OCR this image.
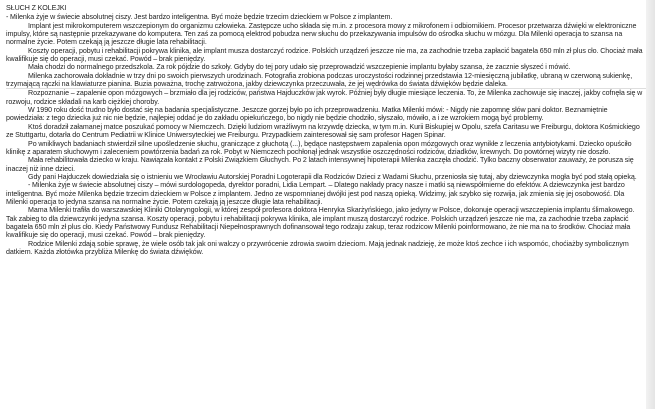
SŁUCH Z KOLEJKI

- Milenka żyje w świecie absolutnej ciszy. Jest bardzo inteligentna. Być może będzie trzecim dzieckiem w Polsce z implantem.

Implant jest mikrokomputerem wszczepionym do organizmu człowieka. Zastępcze ucho składa się m.in. z procesora mowy z mikrofonem i odbiornikiem. Procesor przetwarza dźwięki w elektroniczne impulsy, które są następnie przekazywane do komputera. Ten zaś za pomocą elektrod pobudza nerw słuchu do przekazywania impulsów do ośrodka słuchu w mózgu. Dla Milenki operacja to szansa na normalne życie. Potem czekają ją jeszcze długie lata rehabilitacji.

Koszty operacji, pobytu i rehabilitacji pokrywa klinika, ale implant musza dostarczyć rodzice. Polskich urządzeń jeszcze nie ma, za zachodnie trzeba zapłacić bagatela 650 mln zł plus cło. Chociaż mała kwalifikuje się do operacji, musi czekać. Powód – brak pieniędzy.

Mała chodzi do normalnego przedszkola. Za rok pójdzie do szkoły. Gdyby do tej pory udało się przeprowadzić wszczepienie implantu byłaby szansa, że zacznie słyszeć i mówić.

Milenka zachorowała dokładnie w trzy dni po swoich pierwszych urodzinach. Fotografia zrobiona podczas uroczystości rodzinnej przedstawia 12-miesięczną jubilatkę, ubraną w czerwoną sukienkę, trzymającą rączki na klawiaturze pianina. Buzia poważna, trochę zatrwożona, jakby dziewczynka przeczuwała, że jej wędrówka do świata dźwięków będzie daleka.

Rozpoznanie – zapalenie opon mózgowych – brzmiało dla jej rodziców, państwa Hajduczków jak wyrok. Później były długie miesiące leczenia. To, że Milenka zachowuje się inaczej, jakby cofnęła się w rozwoju, rodzice składali na karb ciężkiej choroby.

W 1990 roku dość trudno było dostać się na badania specjalistyczne. Jeszcze gorzej było po ich przeprowadzeniu. Matka Milenki mówi: - Nigdy nie zapomnę słów pani doktor. Beznamiętnie powiedziała: z tego dziecka już nic nie będzie, najlepiej oddać je do zakładu opiekuńczego, bo nigdy nie będzie chodziło, słyszało, mówiło, a i ze wzrokiem mogą być problemy.

Ktoś doradził załamanej matce poszukać pomocy w Niemczech. Dzięki ludziom wrażliwym na krzywdę dziecka, w tym m.in. Kurii Biskupiej w Opolu, szefa Caritasu we Freiburgu, doktora Kośmickiego ze Stuttgartu, dotarła do Centrum Pediatrii w Klinice Uniwersyteckiej we Freiburgu. Przypadkiem zainteresował się sam profesor Hagen Spinar.

Po wnikliwych badaniach stwierdził silne upośledzenie słuchu, graniczące z głuchotą (...), będące następstwem zapalenia opon mózgowych oraz wynikłe z leczenia antybiotykami. Dziecko opuściło klinikę z aparatem słuchowym i zaleceniem powtórzenia badań za rok. Pobyt w Niemczech pochłonął jednak wszystkie oszczędności rodziców, dziadków, krewnych. Do powtórnej wizyty nie doszło.

Mała rehabilitowała dziecko w kraju. Nawiązała kontakt z Polski Związkiem Głuchych. Po 2 latach intensywnej hipoterapii Milenka zaczęła chodzić. Tylko baczny obserwator zauważy, że porusza się inaczej niż inne dzieci.

Gdy pani Hajduczek dowiedziała się o istnieniu we Wrocławiu Autorskiej Poradni Logoterapii dla Rodziców Dzieci z Wadami Słuchu, przeniosła się tutaj, aby dziewczynka mogła być pod stałą opieką.

- Milenka żyje w świecie absolutnej ciszy – mówi surdologopeda, dyrektor poradni, Lidia Lempart. – Dlatego nakłady pracy nasze i matki są niewspółmierne do efektów. A dziewczynka jest bardzo inteligentna. Być może Milenka będzie trzecim dzieckiem w Polsce z implantem. Jedno ze wspomnianej dwójki jest pod naszą opieką. Widzimy, jak szybko się rozwija, jak zmienia się jej osobowość. Dla Milenki operacja to jedyna szansa na normalne życie. Potem czekają ją jeszcze długie lata rehabilitacji.

Mama Milenki trafiła do warszawskiej Kliniki Otolaryngologii, w której zespół profesora doktora Henryka Skarżyńskiego, jako jedyny w Polsce, dokonuje operacji wszczepienia implantu ślimakowego. Tak zabieg to dla dziewczynki jedyna szansa. Koszty operacji, pobytu i rehabilitacji pokrywa klinika, ale implant muszą dostarczyć rodzice. Polskich urządzeń jeszcze nie ma, za zachodnie trzeba zapłacić bagatela 650 mln zł plus cło. Kiedy Państwowy Fundusz Rehabilitacji Niepełnosprawnych dofinansował tego rodzaju zakup, teraz rodzicow Milenki poinformowano, że nie ma na to środków. Chociaż mała kwalifikuje się do operacji, musi czekać. Powód – brak pieniędzy.

Rodzice Milenki zdają sobie sprawę, że wiele osób tak jak oni walczy o przywrócenie zdrowia swoim dzieciom. Mają jednak nadzieję, że może ktoś zechce i ich wspomóc, choćiażby symbolicznym datkiem. Każda złotówka przybliża Milenkę do świata dźwięków.
